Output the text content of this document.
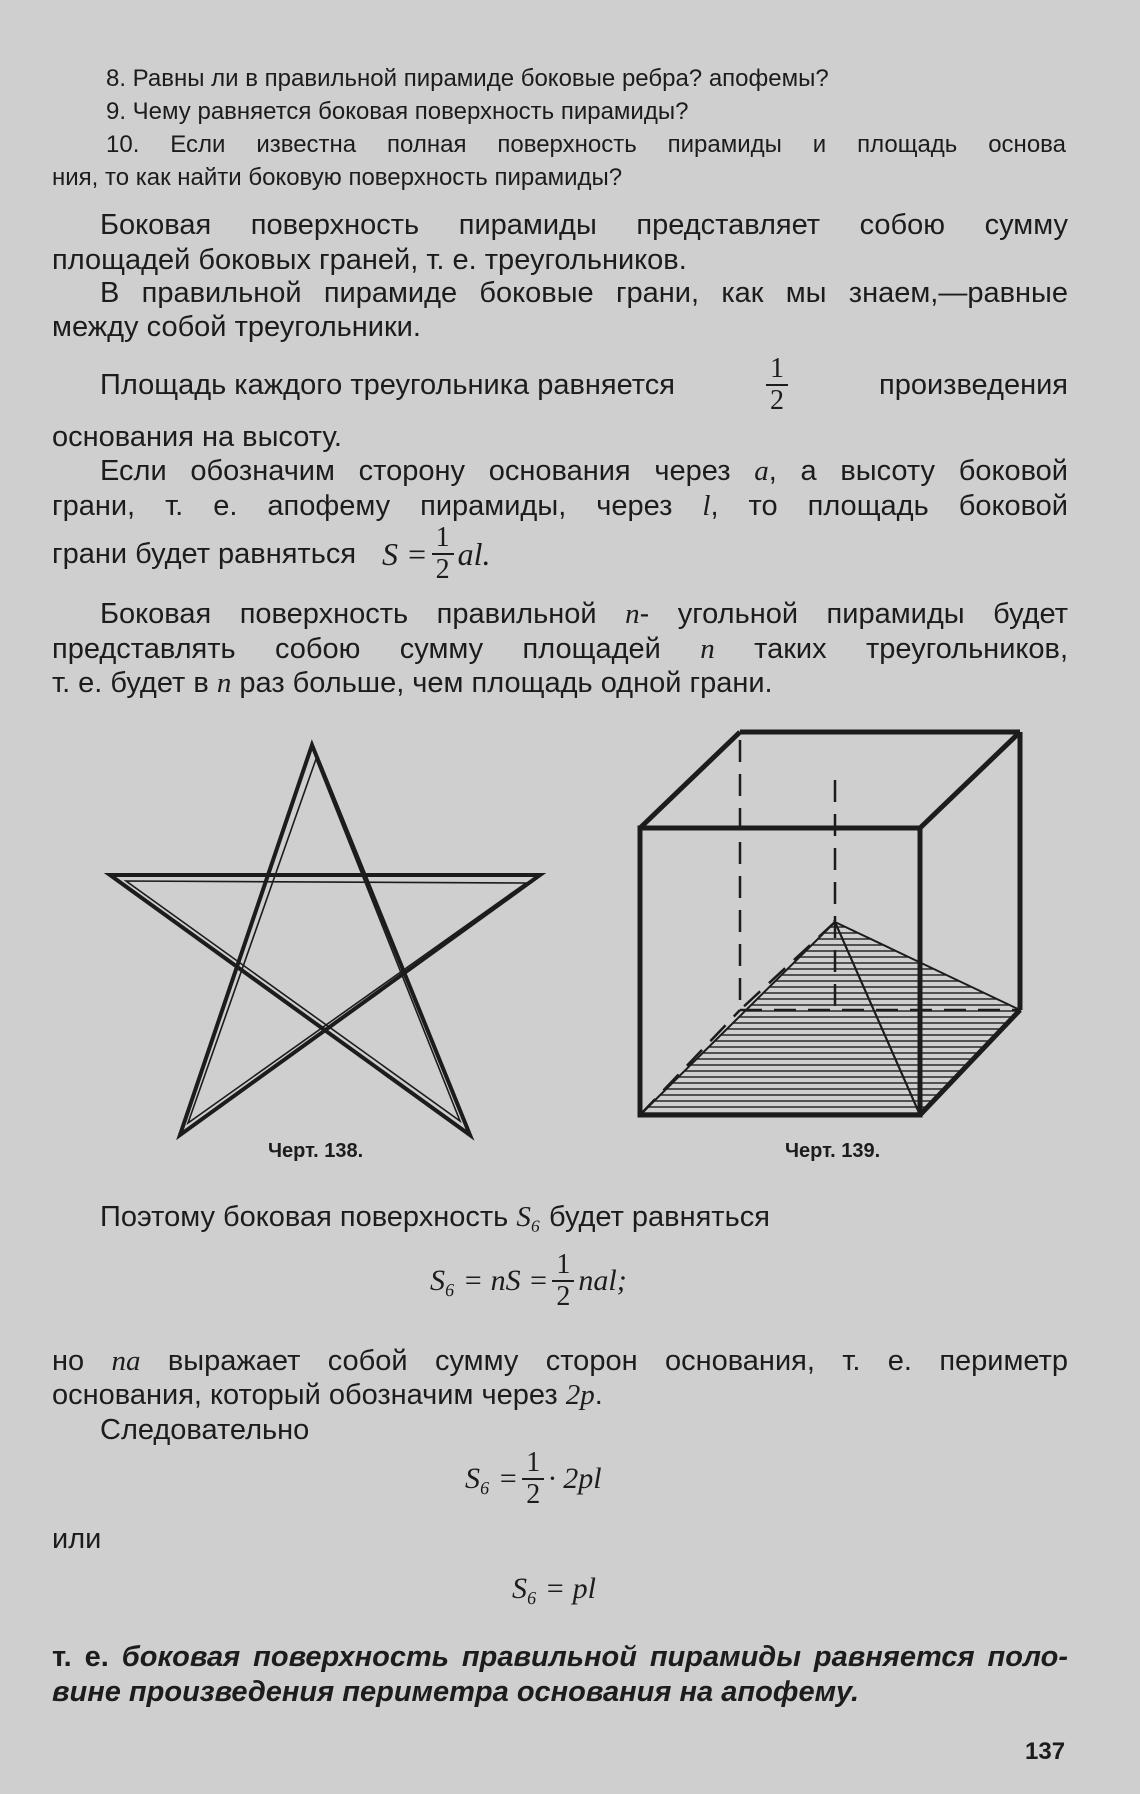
8. Равны ли в правильной пирамиде боковые ребра? апофемы?

9. Чему равняется боковая поверхность пирамиды?

10. Если известна полная поверхность пирамиды и площадь основа

ния, то как найти боковую поверхность пирамиды?

Боковая поверхность пирамиды представляет собою сумму

площадей боковых граней, т. е. треугольников.

В правильной пирамиде боковые грани, как мы знаем,—равные

между собой треугольники.

Площадь каждого треугольника равняется	$\frac{1}{2}$	произведения

основания на высоту.

Если обозначим сторону основания через a, а высоту боковой

грани, т. е. апофему пирамиды, через l, то площадь боковой

грани будет равняться $S = \frac{1}{2}$ al.

Боковая поверхность правильной n- угольной пирамиды будет

представлять собою сумму площадей n таких треугольников,

т. е. будет в n раз больше, чем площадь одной грани.

Черт. 138.	Черт. 139.

Поэтому боковая поверхность S₆ будет равняться

S₆ = nS = $\frac{1}{2}$ nal;

но na выражает собой сумму сторон основания, т. е. периметр

основания, который обозначим через 2p.

Следовательно

$S_6 = \frac{1}{2} \cdot 2pl$

или

S₆ = pl

т. е. боковая поверхность правильной пирамиды равняется поло-

вине произведения периметра основания на апофему.

137
